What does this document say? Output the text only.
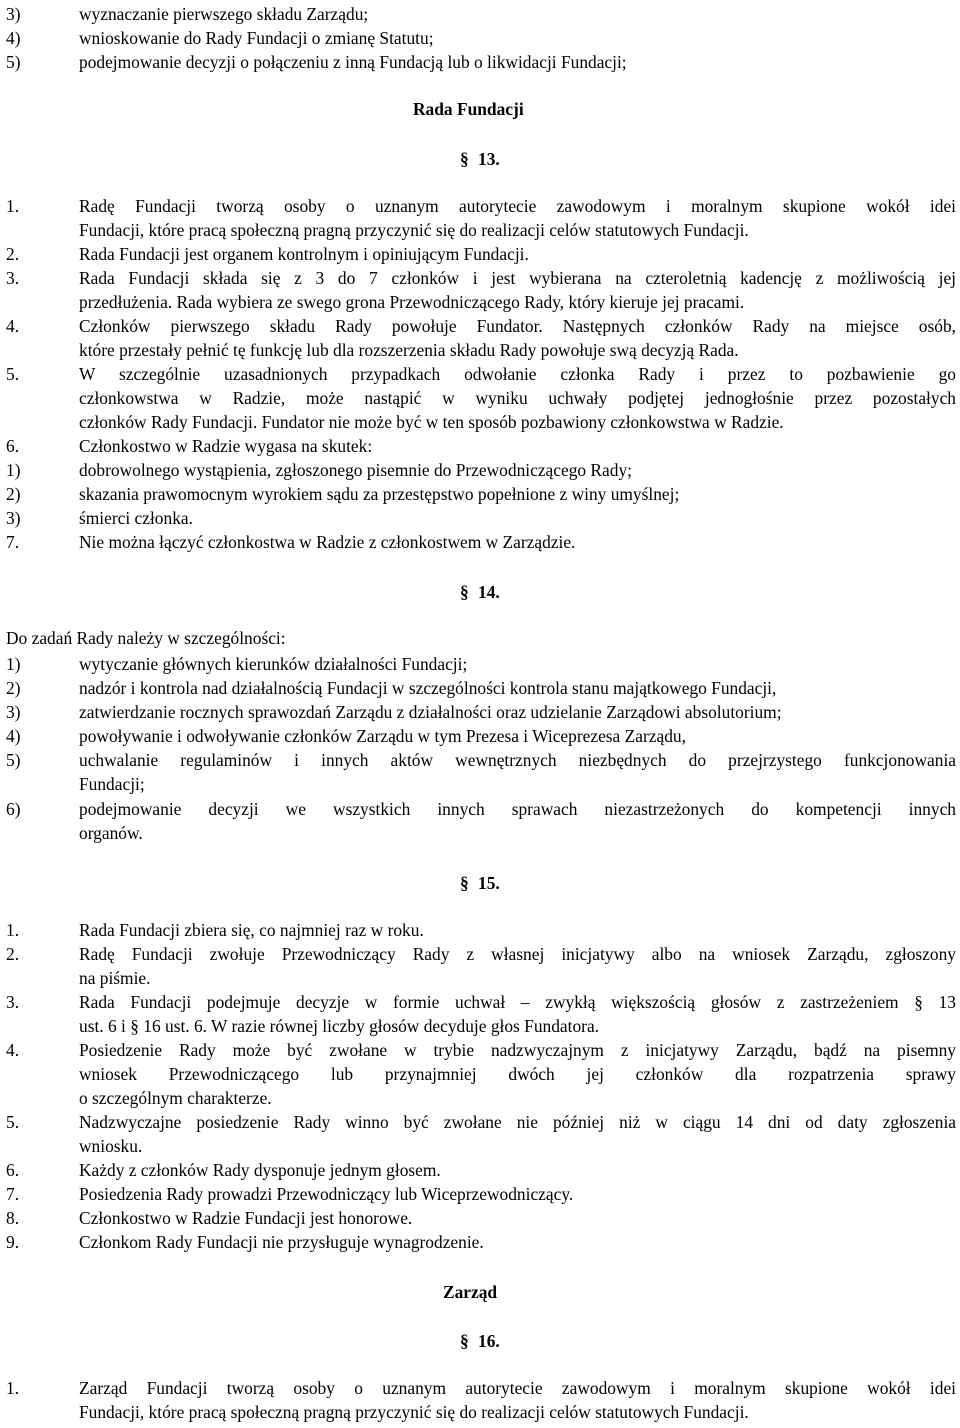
3)	wyznaczanie pierwszego składu Zarządu;
4)	wnioskowanie do Rady Fundacji o zmianę Statutu;
5)	podejmowanie decyzji o połączeniu z inną Fundacją lub o likwidacji Fundacji;
Rada Fundacji
§ 13.
1.	Radę Fundacji tworzą osoby o uznanym autorytecie zawodowym i moralnym skupione wokół idei
Fundacji, które pracą społeczną pragną przyczynić się do realizacji celów statutowych Fundacji.
2.	Rada Fundacji jest organem kontrolnym i opiniującym Fundacji.
3.	Rada Fundacji składa się z 3 do 7 członków i jest wybierana na czteroletnią kadencję z możliwością jej
przedłużenia. Rada wybiera ze swego grona Przewodniczącego Rady, który kieruje jej pracami.
4.	Członków pierwszego składu Rady powołuje Fundator. Następnych członków Rady na miejsce osób,
które przestały pełnić tę funkcję lub dla rozszerzenia składu Rady powołuje swą decyzją Rada.
5.	W szczególnie uzasadnionych przypadkach odwołanie członka Rady i przez to pozbawienie go
członkowstwa w Radzie, może nastąpić w wyniku uchwały podjętej jednogłośnie przez pozostałych
członków Rady Fundacji. Fundator nie może być w ten sposób pozbawiony członkowstwa w Radzie.
6.	Członkostwo w Radzie wygasa na skutek:
1)	dobrowolnego wystąpienia, zgłoszonego pisemnie do Przewodniczącego Rady;
2)	skazania prawomocnym wyrokiem sądu za przestępstwo popełnione z winy umyślnej;
3)	śmierci członka.
7.	Nie można łączyć członkostwa w Radzie z członkostwem w Zarządzie.
§ 14.
Do zadań Rady należy w szczególności:
1)	wytyczanie głównych kierunków działalności Fundacji;
2)	nadzór i kontrola nad działalnością Fundacji w szczególności kontrola stanu majątkowego Fundacji,
3)	zatwierdzanie rocznych sprawozdań Zarządu z działalności oraz udzielanie Zarządowi absolutorium;
4)	powoływanie i odwoływanie członków Zarządu w tym Prezesa i Wiceprezesa Zarządu,
5)	uchwalanie regulaminów i innych aktów wewnętrznych niezbędnych do przejrzystego funkcjonowania
Fundacji;
6)	podejmowanie decyzji we wszystkich innych sprawach niezastrzeżonych do kompetencji innych
organów.
§ 15.
1.	Rada Fundacji zbiera się, co najmniej raz w roku.
2.	Radę Fundacji zwołuje Przewodniczący Rady z własnej inicjatywy albo na wniosek Zarządu, zgłoszony
na piśmie.
3.	Rada Fundacji podejmuje decyzje w formie uchwał – zwykłą większością głosów z zastrzeżeniem § 13
ust. 6 i § 16 ust. 6. W razie równej liczby głosów decyduje głos Fundatora.
4.	Posiedzenie Rady może być zwołane w trybie nadzwyczajnym z inicjatywy Zarządu, bądź na pisemny
wniosek Przewodniczącego lub przynajmniej dwóch jej członków dla rozpatrzenia sprawy
o szczególnym charakterze.
5.	Nadzwyczajne posiedzenie Rady winno być zwołane nie później niż w ciągu 14 dni od daty zgłoszenia
wniosku.
6.	Każdy z członków Rady dysponuje jednym głosem.
7.	Posiedzenia Rady prowadzi Przewodniczący lub Wiceprzewodniczący.
8.	Członkostwo w Radzie Fundacji jest honorowe.
9.	Członkom Rady Fundacji nie przysługuje wynagrodzenie.
Zarząd
§ 16.
1.	Zarząd Fundacji tworzą osoby o uznanym autorytecie zawodowym i moralnym skupione wokół idei
Fundacji, które pracą społeczną pragną przyczynić się do realizacji celów statutowych Fundacji.
